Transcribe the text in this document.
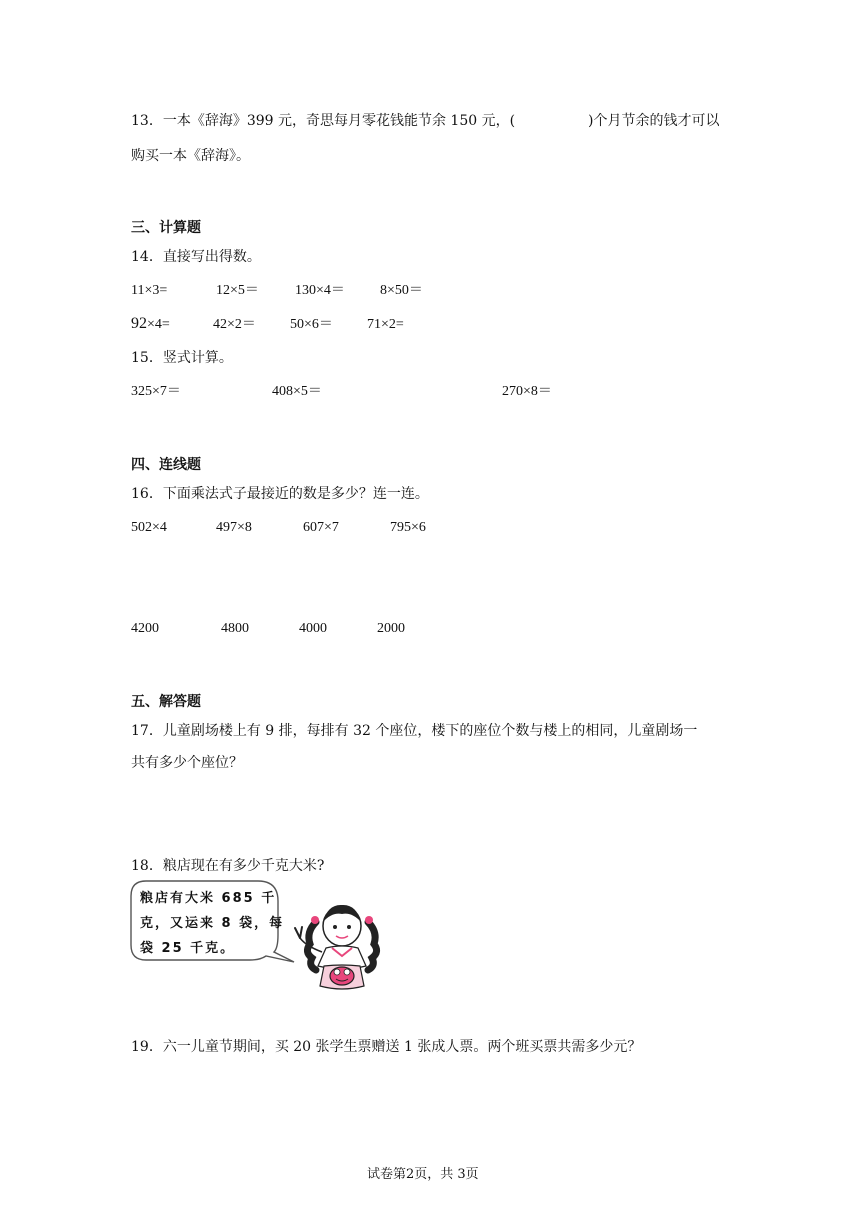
13．一本《辞海》399 元，奇思每月零花钱能节余 150 元，(	)个月节余的钱才可以
购买一本《辞海》。
三、计算题
14．直接写出得数。
11×3=	12×5＝	130×4＝	8×50＝
92×4=	42×2＝ 50×6＝ 71×2=
15．竖式计算。
325×7＝	408×5＝	270×8＝
四、连线题
16．下面乘法式子最接近的数是多少？连一连。
502×4	497×8	607×7	795×6
4200	4800	4000	2000
五、解答题
17．儿童剧场楼上有 9 排，每排有 32 个座位，楼下的座位个数与楼上的相同，儿童剧场一
共有多少个座位？
18．粮店现在有多少千克大米?
粮店有大米 685 千
克，又运来 8 袋，每
袋 25 千克。
19．六一儿童节期间，买 20 张学生票赠送 1 张成人票。两个班买票共需多少元？
试卷第2页，共 3页
